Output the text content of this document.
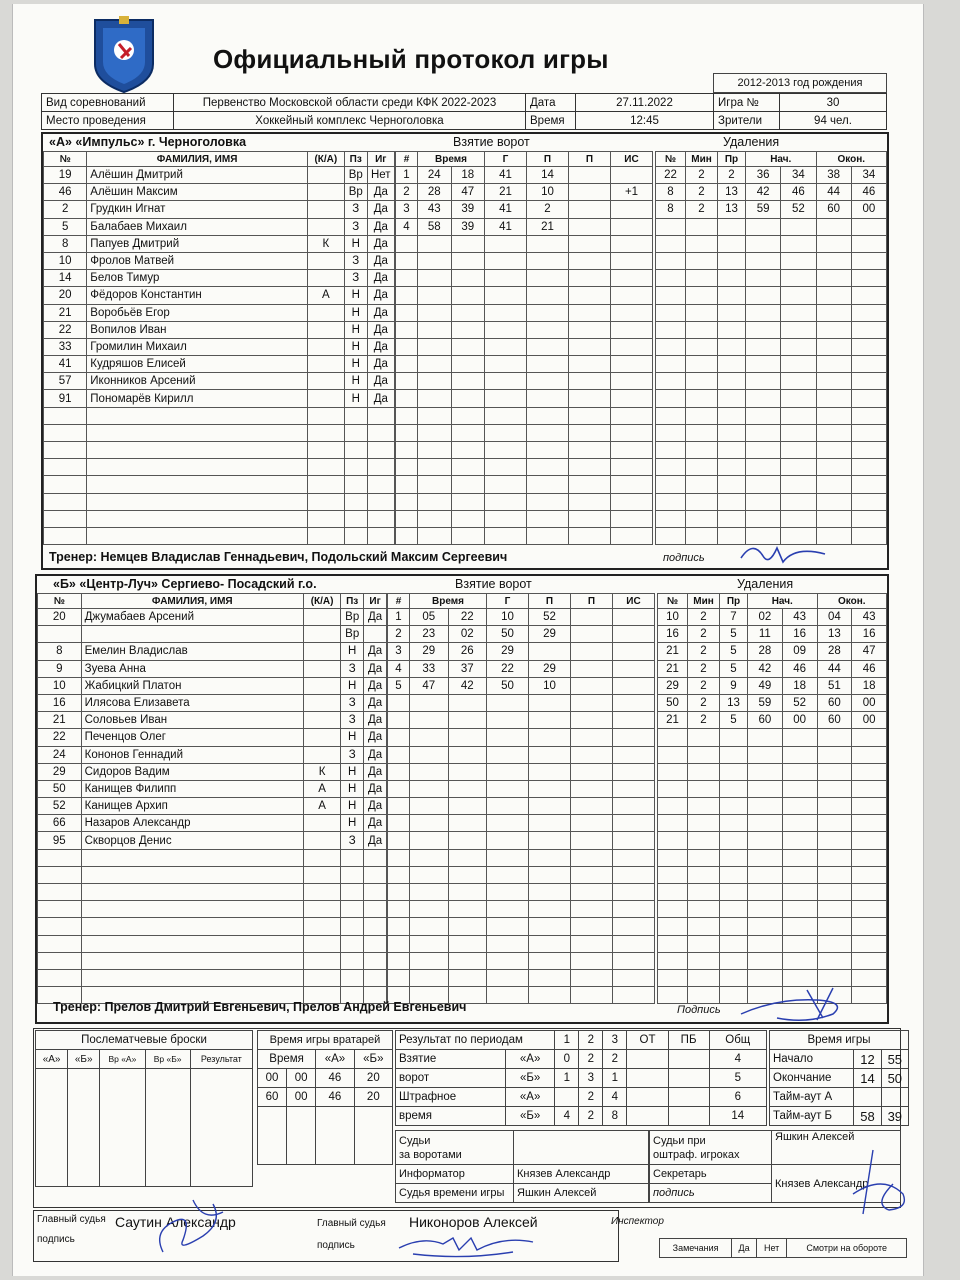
Официальный протокол игры
2012-2013 год рождения
Вид соревнований	Первенство Московской области среди КФК 2022-2023	Дата	27.11.2022	Игра №	30
Место проведения	Хоккейный комплекс Черноголовка	Время	12:45	Зрители	94 чел.
«А» «Импульс» г. Черноголовка	Взятие ворот	Удаления
№	ФАМИЛИЯ, ИМЯ	(К/А)	Пз	Иг
19	Алёшин Дмитрий		Вр	Нет
46	Алёшин Максим		Вр	Да
2	Грудкин Игнат		З	Да
5	Балабаев Михаил		З	Да
8	Папуев Дмитрий	К	Н	Да
10	Фролов Матвей		З	Да
14	Белов Тимур		З	Да
20	Фёдоров Константин	А	Н	Да
21	Воробьёв Егор		Н	Да
22	Вопилов Иван		Н	Да
33	Громилин Михаил		Н	Да
41	Кудряшов Елисей		Н	Да
57	Иконников Арсений		Н	Да
91	Пономарёв Кирилл		Н	Да

#	Время		Г	П	П	ИС
1	24	18	41	14		
2	28	47	21	10		+1
3	43	39	41	2		
4	58	39	41	21		

№	Мин	Пр	Нач.		Окон.	
22	2	2	36	34	38	34
8	2	13	42	46	44	46
8	2	13	59	52	60	00

Тренер: Немцев Владислав Геннадьевич, Подольский Максим Сергеевич	подпись
«Б» «Центр-Луч» Сергиево- Посадский г.о.	Взятие ворот	Удаления
№	ФАМИЛИЯ, ИМЯ	(К/А)	Пз	Иг
20	Джумабаев Арсений		Вр	Да
			Вр	
8	Емелин Владислав		Н	Да
9	Зуева Анна		З	Да
10	Жабицкий Платон		Н	Да
16	Илясова Елизавета		З	Да
21	Соловьев Иван		З	Да
22	Печенцов Олег		Н	Да
24	Кононов Геннадий		З	Да
29	Сидоров Вадим	К	Н	Да
50	Канищев Филипп	А	Н	Да
52	Канищев Архип	А	Н	Да
66	Назаров Александр		Н	Да
95	Скворцов Денис		З	Да

#	Время		Г	П	П	ИС
1	05	22	10	52		
2	23	02	50	29		
3	29	26	29			
4	33	37	22	29		
5	47	42	50	10		

№	Мин	Пр	Нач.		Окон.	
10	2	7	02	43	04	43
16	2	5	11	16	13	16
21	2	5	28	09	28	47
21	2	5	42	46	44	46
29	2	9	49	18	51	18
50	2	13	59	52	60	00
21	2	5	60	00	60	00

Тренер: Прелов Дмитрий Евгеньевич, Прелов Андрей Евгеньевич	Подпись
Послематчевые броски				
«А»	«Б»	Вр «А»	Вр «Б»	Результат

Время игры вратарей			
Время		«А»	«Б»
00	00	46	20
60	00	46	20

Результат по периодам		1	2	3	ОТ	ПБ	Общ
Взятие	«А»	0	2	2			4
ворот	«Б»	1	3	1			5
Штрафное	«А»		2	4			6
время	«Б»	4	2	8			14
Время игры		
Начало	12	55
Окончание	14	50
Тайм-аут А		
Тайм-аут Б	58	39
Судьи
за воротами	
Информатор	Князев Александр
Судья времени игры	Яшкин Алексей
Судьи при
оштраф. игроках	Яшкин Алексей
Секретарь	Князев Александр
подпись	
Главный судья Саутин Александр
подпись
Главный судья Никоноров Алексей
подпись
Инспектор
Замечания	Да	Нет	Смотри на обороте
